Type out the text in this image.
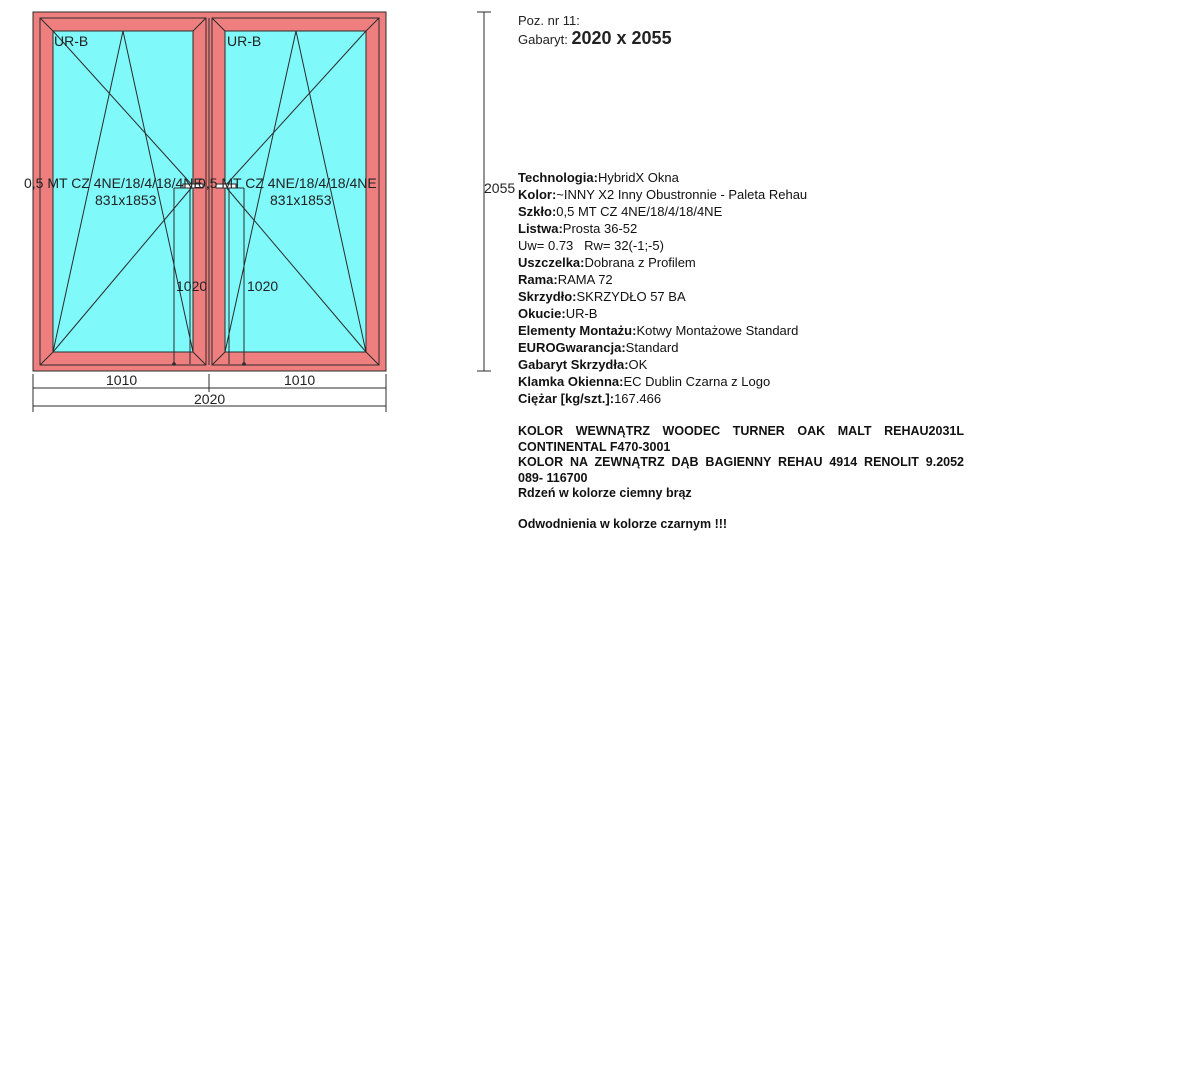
UR-B	UR-B
0,5 MT CZ 4NE/18/4/18/4NE
0,5 MT CZ 4NE/18/4/18/4NE
831x1853	831x1853
1020	1020
1010	1010
2020
2055
Poz. nr 11:
Gabaryt: 2020 x 2055
Technologia:HybridX Okna
Kolor:~INNY X2 Inny Obustronnie - Paleta Rehau
Szkło:0,5 MT CZ 4NE/18/4/18/4NE
Listwa:Prosta 36-52
Uw= 0.73   Rw= 32(-1;-5)
Uszczelka:Dobrana z Profilem
Rama:RAMA 72
Skrzydło:SKRZYDŁO 57 BA
Okucie:UR-B
Elementy Montażu:Kotwy Montażowe Standard
EUROGwarancja:Standard
Gabaryt Skrzydła:OK
Klamka Okienna:EC Dublin Czarna z Logo
Ciężar [kg/szt.]:167.466

KOLOR WEWNĄTRZ WOODEC TURNER OAK MALT REHAU2031L CONTINENTAL F470-3001

KOLOR NA ZEWNĄTRZ DĄB BAGIENNY REHAU 4914 RENOLIT 9.2052 089- 116700

Rdzeń w kolorze ciemny brąz

Odwodnienia w kolorze czarnym !!!
